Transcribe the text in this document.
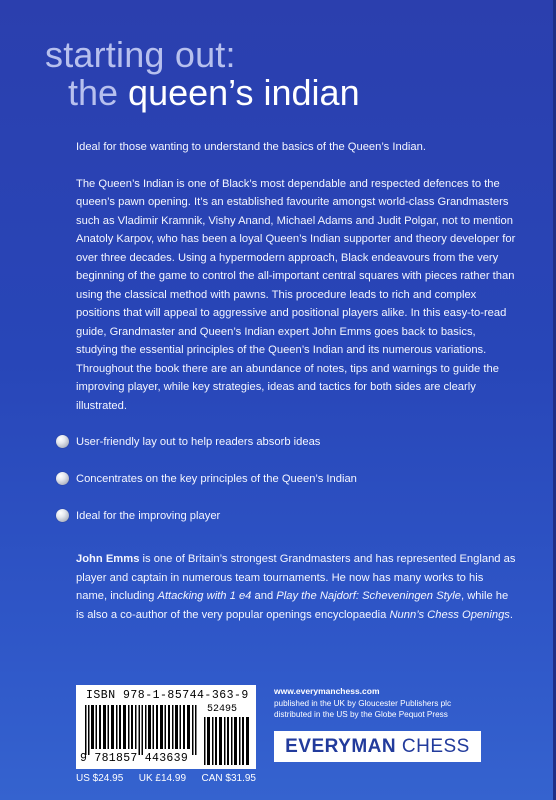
starting out:
the queen’s indian

Ideal for those wanting to understand the basics of the Queen’s Indian.

The Queen’s Indian is one of Black’s most dependable and respected defences to the queen’s pawn opening. It’s an established favourite amongst world-class Grandmasters such as Vladimir Kramnik, Vishy Anand, Michael Adams and Judit Polgar, not to mention Anatoly Karpov, who has been a loyal Queen’s Indian supporter and theory developer for over three decades. Using a hypermodern approach, Black endeavours from the very beginning of the game to control the all-important central squares with pieces rather than using the classical method with pawns. This procedure leads to rich and complex positions that will appeal to aggressive and positional players alike. In this easy-to-read guide, Grandmaster and Queen’s Indian expert John Emms goes back to basics, studying the essential principles of the Queen’s Indian and its numerous variations. Throughout the book there are an abundance of notes, tips and warnings to guide the improving player, while key strategies, ideas and tactics for both sides are clearly illustrated.

User-friendly lay out to help readers absorb ideas
Concentrates on the key principles of the Queen’s Indian
Ideal for the improving player

John Emms is one of Britain’s strongest Grandmasters and has represented England as player and captain in numerous team tournaments. He now has many works to his name, including Attacking with 1 e4 and Play the Najdorf: Scheveningen Style, while he is also a co-author of the very popular openings encyclopaedia Nunn’s Chess Openings.

ISBN 978-1-85744-363-9
9 781857 443639
52495
US $24.95 UK £14.99 CAN $31.95
www.everymanchess.com
published in the UK by Gloucester Publishers plc
distributed in the US by the Globe Pequot Press
EVERYMAN
CHESS
